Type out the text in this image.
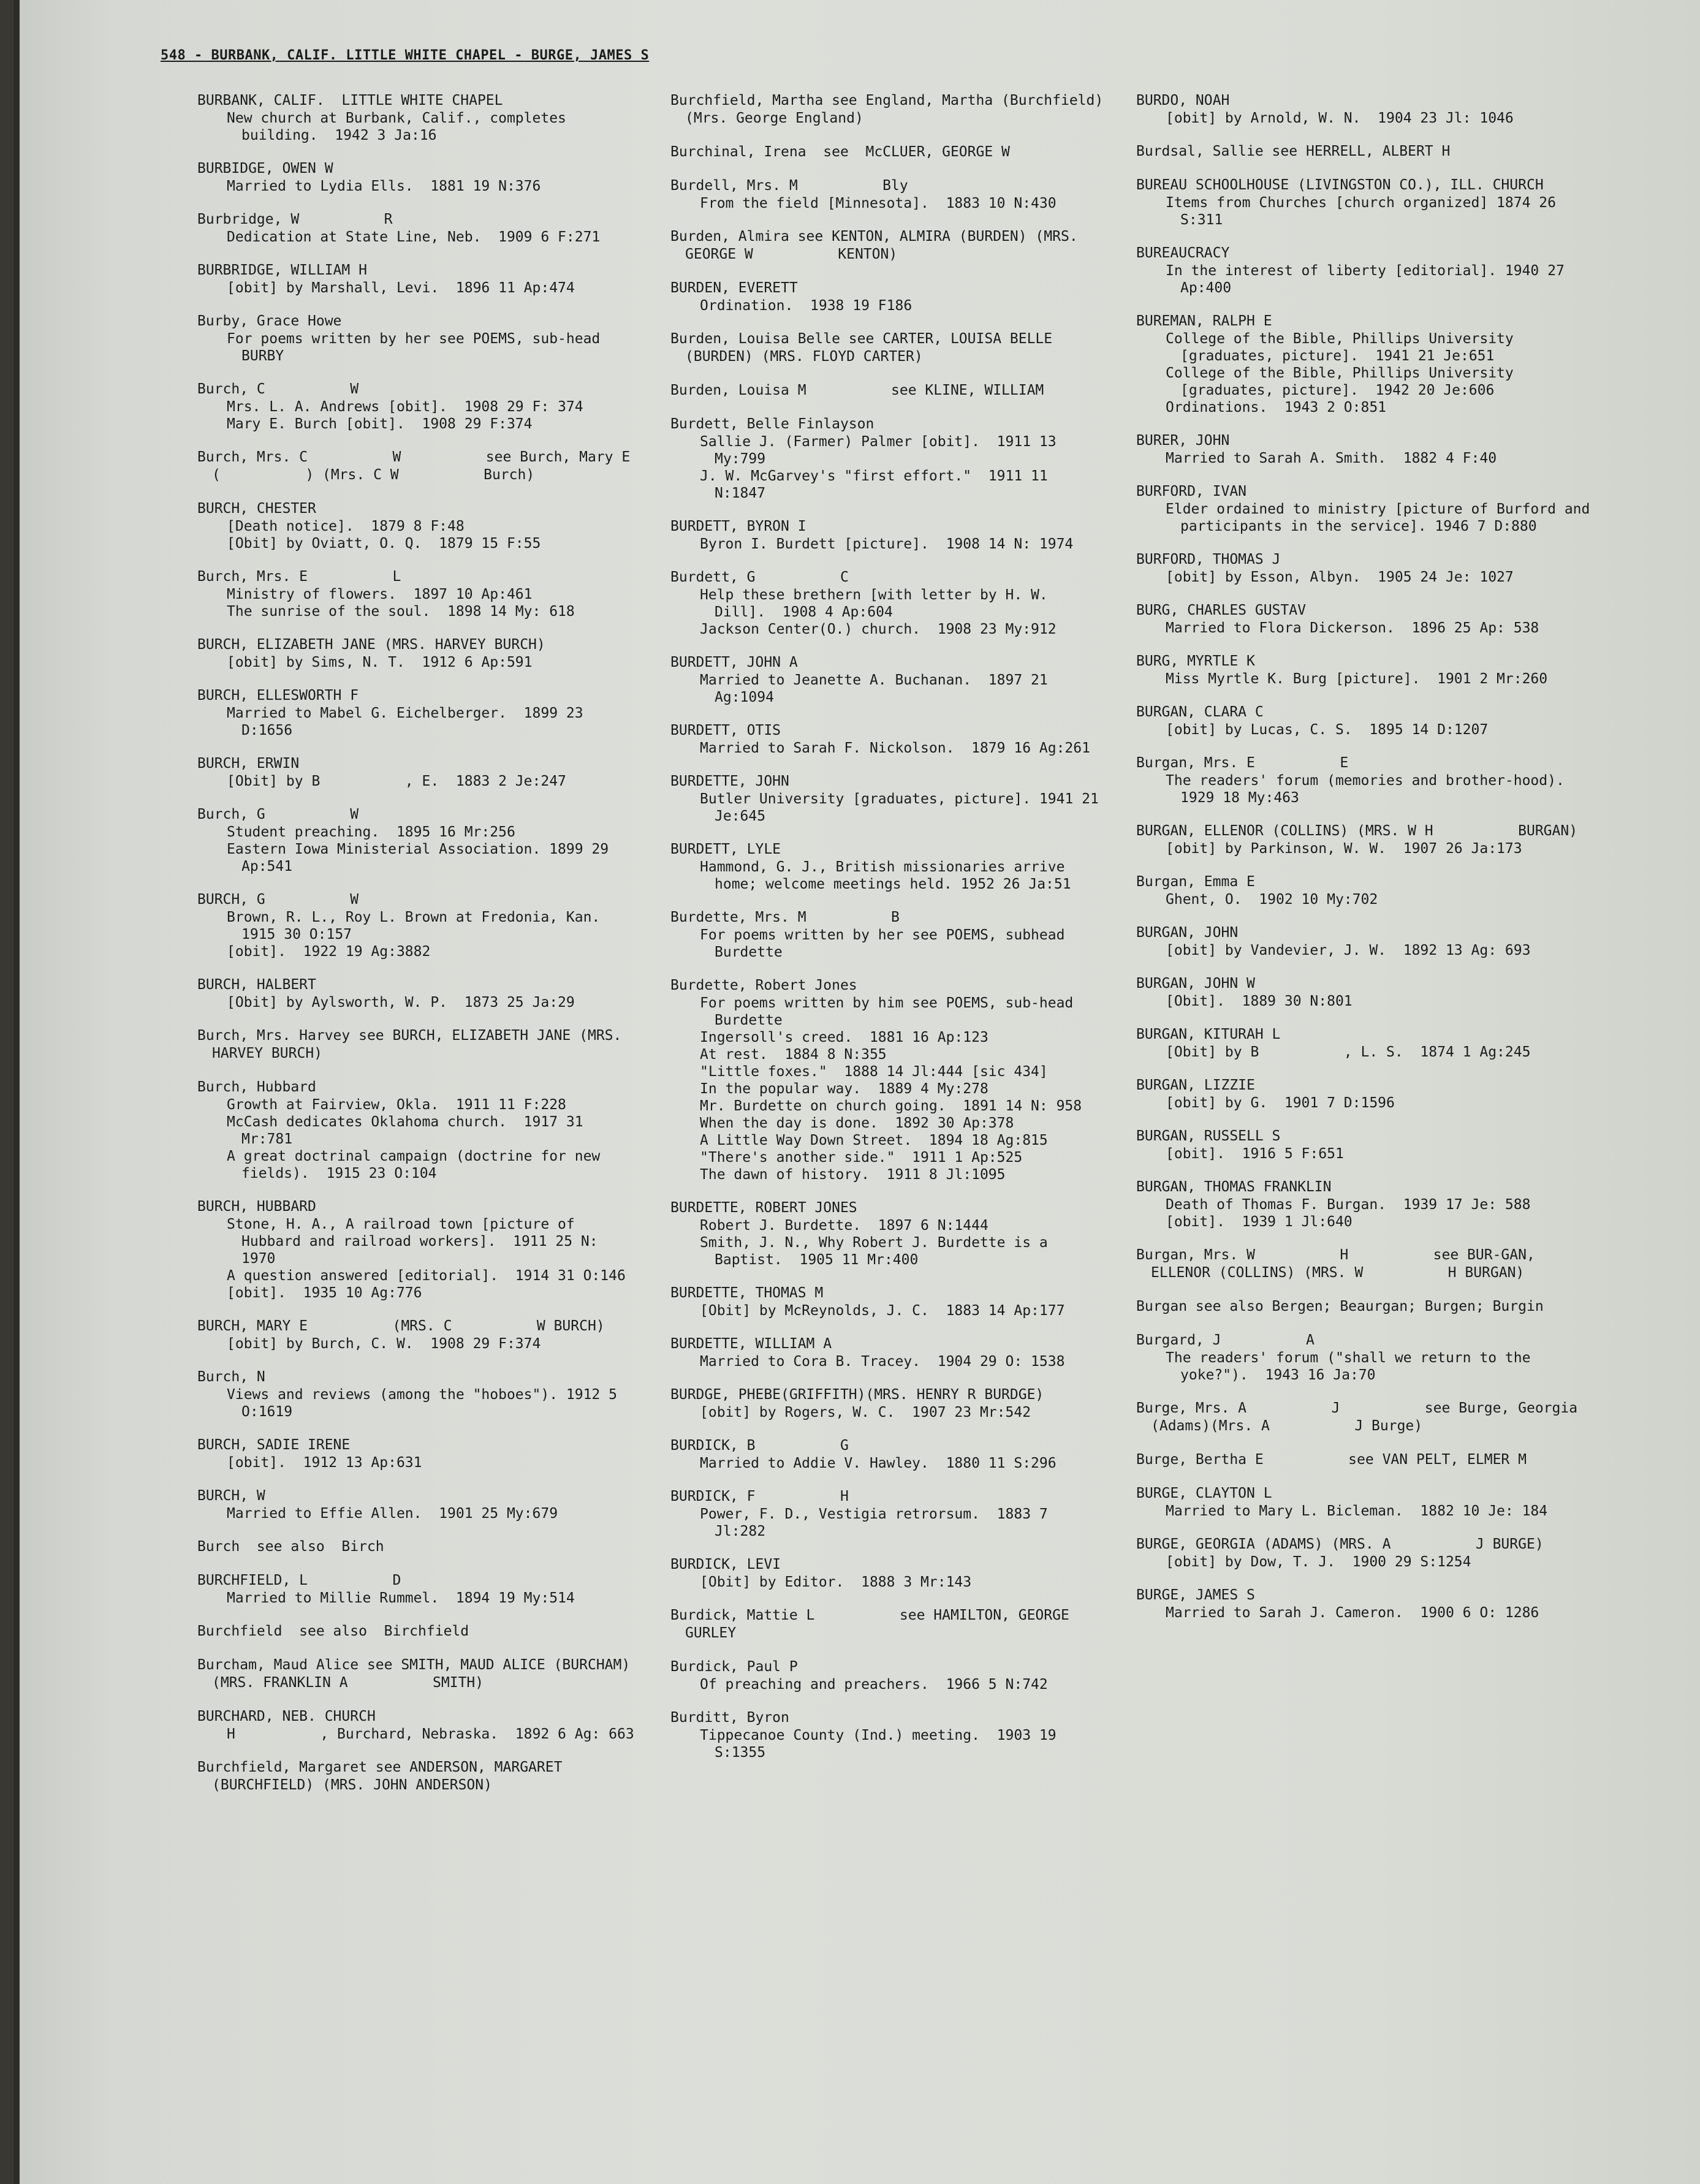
548 - BURBANK, CALIF. LITTLE WHITE CHAPEL - BURGE, JAMES S
BURBANK, CALIF.  LITTLE WHITE CHAPEL
New church at Burbank, Calif., completes building.  1942 3 Ja:16
BURBIDGE, OWEN W
Married to Lydia Ells.  1881 19 N:376
Burbridge, W          R
Dedication at State Line, Neb.  1909 6 F:271
BURBRIDGE, WILLIAM H
[obit] by Marshall, Levi.  1896 11 Ap:474
Burby, Grace Howe
For poems written by her see POEMS, sub-head BURBY
Burch, C          W
Mrs. L. A. Andrews [obit].  1908 29 F: 374
Mary E. Burch [obit].  1908 29 F:374
Burch, Mrs. C          W          see Burch, Mary E          (          ) (Mrs. C W          Burch)
BURCH, CHESTER
[Death notice].  1879 8 F:48
[Obit] by Oviatt, O. Q.  1879 15 F:55
Burch, Mrs. E          L
Ministry of flowers.  1897 10 Ap:461
The sunrise of the soul.  1898 14 My: 618
BURCH, ELIZABETH JANE (MRS. HARVEY BURCH)
[obit] by Sims, N. T.  1912 6 Ap:591
BURCH, ELLESWORTH F
Married to Mabel G. Eichelberger.  1899 23 D:1656
BURCH, ERWIN
[Obit] by B          , E.  1883 2 Je:247
Burch, G          W
Student preaching.  1895 16 Mr:256
Eastern Iowa Ministerial Association. 1899 29 Ap:541
BURCH, G          W
Brown, R. L., Roy L. Brown at Fredonia, Kan.  1915 30 O:157
[obit].  1922 19 Ag:3882
BURCH, HALBERT
[Obit] by Aylsworth, W. P.  1873 25 Ja:29
Burch, Mrs. Harvey see BURCH, ELIZABETH JANE (MRS. HARVEY BURCH)
Burch, Hubbard
Growth at Fairview, Okla.  1911 11 F:228
McCash dedicates Oklahoma church.  1917 31 Mr:781
A great doctrinal campaign (doctrine for new fields).  1915 23 O:104
BURCH, HUBBARD
Stone, H. A., A railroad town [picture of Hubbard and railroad workers].  1911 25 N: 1970
A question answered [editorial].  1914 31 O:146
[obit].  1935 10 Ag:776
BURCH, MARY E          (MRS. C          W BURCH)
[obit] by Burch, C. W.  1908 29 F:374
Burch, N
Views and reviews (among the "hoboes"). 1912 5 O:1619
BURCH, SADIE IRENE
[obit].  1912 13 Ap:631
BURCH, W
Married to Effie Allen.  1901 25 My:679
Burch  see also  Birch
BURCHFIELD, L          D
Married to Millie Rummel.  1894 19 My:514
Burchfield  see also  Birchfield
Burcham, Maud Alice see SMITH, MAUD ALICE (BURCHAM) (MRS. FRANKLIN A          SMITH)
BURCHARD, NEB. CHURCH
H          , Burchard, Nebraska.  1892 6 Ag: 663
Burchfield, Margaret see ANDERSON, MARGARET (BURCHFIELD) (MRS. JOHN ANDERSON)
Burchfield, Martha see England, Martha (Burchfield) (Mrs. George England)
Burchinal, Irena  see  McCLUER, GEORGE W
Burdell, Mrs. M          Bly
From the field [Minnesota].  1883 10 N:430
Burden, Almira see KENTON, ALMIRA (BURDEN) (MRS. GEORGE W          KENTON)
BURDEN, EVERETT
Ordination.  1938 19 F186
Burden, Louisa Belle see CARTER, LOUISA BELLE (BURDEN) (MRS. FLOYD CARTER)
Burden, Louisa M          see KLINE, WILLIAM
Burdett, Belle Finlayson
Sallie J. (Farmer) Palmer [obit].  1911 13 My:799
J. W. McGarvey's "first effort."  1911 11 N:1847
BURDETT, BYRON I
Byron I. Burdett [picture].  1908 14 N: 1974
Burdett, G          C
Help these brethern [with letter by H. W. Dill].  1908 4 Ap:604
Jackson Center(O.) church.  1908 23 My:912
BURDETT, JOHN A
Married to Jeanette A. Buchanan.  1897 21 Ag:1094
BURDETT, OTIS
Married to Sarah F. Nickolson.  1879 16 Ag:261
BURDETTE, JOHN
Butler University [graduates, picture]. 1941 21 Je:645
BURDETT, LYLE
Hammond, G. J., British missionaries arrive home; welcome meetings held. 1952 26 Ja:51
Burdette, Mrs. M          B
For poems written by her see POEMS, subhead Burdette
Burdette, Robert Jones
For poems written by him see POEMS, sub-head Burdette
Ingersoll's creed.  1881 16 Ap:123
At rest.  1884 8 N:355
"Little foxes."  1888 14 Jl:444 [sic 434]
In the popular way.  1889 4 My:278
Mr. Burdette on church going.  1891 14 N: 958
When the day is done.  1892 30 Ap:378
A Little Way Down Street.  1894 18 Ag:815
"There's another side."  1911 1 Ap:525
The dawn of history.  1911 8 Jl:1095
BURDETTE, ROBERT JONES
Robert J. Burdette.  1897 6 N:1444
Smith, J. N., Why Robert J. Burdette is a Baptist.  1905 11 Mr:400
BURDETTE, THOMAS M
[Obit] by McReynolds, J. C.  1883 14 Ap:177
BURDETTE, WILLIAM A
Married to Cora B. Tracey.  1904 29 O: 1538
BURDGE, PHEBE(GRIFFITH)(MRS. HENRY R BURDGE)
[obit] by Rogers, W. C.  1907 23 Mr:542
BURDICK, B          G
Married to Addie V. Hawley.  1880 11 S:296
BURDICK, F          H
Power, F. D., Vestigia retrorsum.  1883 7 Jl:282
BURDICK, LEVI
[Obit] by Editor.  1888 3 Mr:143
Burdick, Mattie L          see HAMILTON, GEORGE GURLEY
Burdick, Paul P
Of preaching and preachers.  1966 5 N:742
Burditt, Byron
Tippecanoe County (Ind.) meeting.  1903 19 S:1355
BURDO, NOAH
[obit] by Arnold, W. N.  1904 23 Jl: 1046
Burdsal, Sallie see HERRELL, ALBERT H
BUREAU SCHOOLHOUSE (LIVINGSTON CO.), ILL. CHURCH
Items from Churches [church organized] 1874 26 S:311
BUREAUCRACY
In the interest of liberty [editorial]. 1940 27 Ap:400
BUREMAN, RALPH E
College of the Bible, Phillips University [graduates, picture].  1941 21 Je:651
College of the Bible, Phillips University [graduates, picture].  1942 20 Je:606
Ordinations.  1943 2 O:851
BURER, JOHN
Married to Sarah A. Smith.  1882 4 F:40
BURFORD, IVAN
Elder ordained to ministry [picture of Burford and participants in the service]. 1946 7 D:880
BURFORD, THOMAS J
[obit] by Esson, Albyn.  1905 24 Je: 1027
BURG, CHARLES GUSTAV
Married to Flora Dickerson.  1896 25 Ap: 538
BURG, MYRTLE K
Miss Myrtle K. Burg [picture].  1901 2 Mr:260
BURGAN, CLARA C
[obit] by Lucas, C. S.  1895 14 D:1207
Burgan, Mrs. E          E
The readers' forum (memories and brother-hood).  1929 18 My:463
BURGAN, ELLENOR (COLLINS) (MRS. W H          BURGAN)
[obit] by Parkinson, W. W.  1907 26 Ja:173
Burgan, Emma E
Ghent, O.  1902 10 My:702
BURGAN, JOHN
[obit] by Vandevier, J. W.  1892 13 Ag: 693
BURGAN, JOHN W
[Obit].  1889 30 N:801
BURGAN, KITURAH L
[Obit] by B          , L. S.  1874 1 Ag:245
BURGAN, LIZZIE
[obit] by G.  1901 7 D:1596
BURGAN, RUSSELL S
[obit].  1916 5 F:651
BURGAN, THOMAS FRANKLIN
Death of Thomas F. Burgan.  1939 17 Je: 588
[obit].  1939 1 Jl:640
Burgan, Mrs. W          H          see BUR-GAN, ELLENOR (COLLINS) (MRS. W          H BURGAN)
Burgan see also Bergen; Beaurgan; Burgen; Burgin
Burgard, J          A
The readers' forum ("shall we return to the yoke?").  1943 16 Ja:70
Burge, Mrs. A          J          see Burge, Georgia (Adams)(Mrs. A          J Burge)
Burge, Bertha E          see VAN PELT, ELMER M
BURGE, CLAYTON L
Married to Mary L. Bicleman.  1882 10 Je: 184
BURGE, GEORGIA (ADAMS) (MRS. A          J BURGE)
[obit] by Dow, T. J.  1900 29 S:1254
BURGE, JAMES S
Married to Sarah J. Cameron.  1900 6 O: 1286
